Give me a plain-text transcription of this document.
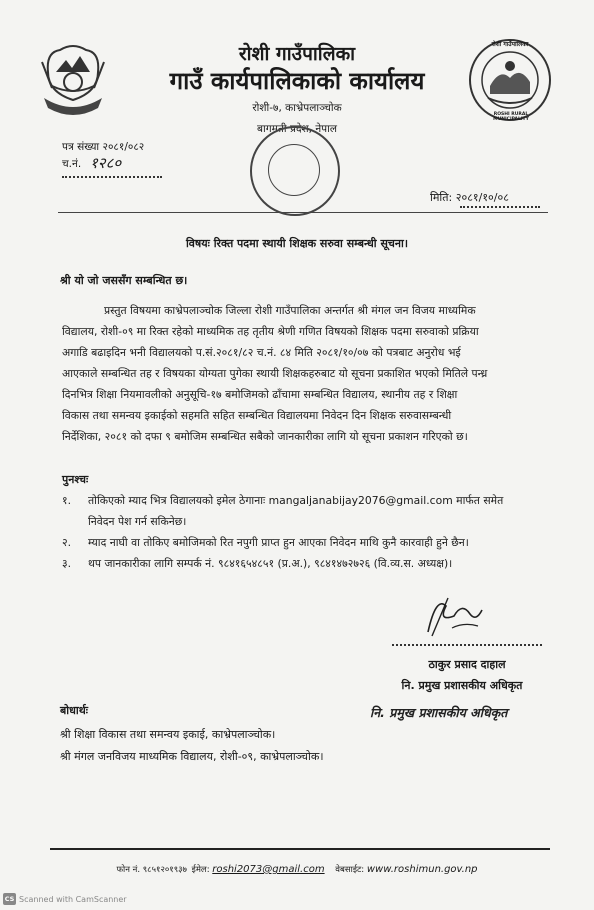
रोशी गाउँपालिका
गाउँ कार्यपालिकाको कार्यालय
रोशी-७, काभ्रेपलाञ्चोक
बागमती प्रदेश, नेपाल
ROSHI RURAL MUNICIPALITY
रोशी गाउँपालिका
पत्र संख्या २०८१/०८२
च.नं. १२८०
मिति: २०८१/१०/०८
विषयः रिक्त पदमा स्थायी शिक्षक सरुवा सम्बन्धी सूचना।
श्री यो जो जससँग सम्बन्धित छ।
प्रस्तुत विषयमा काभ्रेपलाञ्चोक जिल्ला रोशी गाउँपालिका अन्तर्गत श्री मंगल जन विजय माध्यमिक
विद्यालय, रोशी-०९ मा रिक्त रहेको माध्यमिक तह तृतीय श्रेणी गणित विषयको शिक्षक पदमा सरुवाको प्रक्रिया
अगाडि बढाइदिन भनी विद्यालयको प.सं.२०८१/८२ च.नं. ८४ मिति २०८१/१०/०७ को पत्रबाट अनुरोध भई
आएकाले सम्बन्धित तह र विषयका योग्यता पुगेका स्थायी शिक्षकहरुबाट यो सूचना प्रकाशित भएको मितिले पन्ध्र
दिनभित्र शिक्षा नियमावलीको अनुसूचि-१७ बमोजिमको ढाँचामा सम्बन्धित विद्यालय, स्थानीय तह र शिक्षा
विकास तथा समन्वय इकाईको सहमति सहित सम्बन्धित विद्यालयमा निवेदन दिन शिक्षक सरुवासम्बन्धी
निर्देशिका, २०८१ को दफा ९ बमोजिम सम्बन्धित सबैको जानकारीका लागि यो सूचना प्रकाशन गरिएको छ।
पुनश्चः
१.	तोकिएको म्याद भित्र विद्यालयको इमेल ठेगानाः mangaljanabijay2076@gmail.com मार्फत समेत
निवेदन पेश गर्न सकिनेछ।
२.	म्याद नाघी वा तोकिए बमोजिमको रित नपुगी प्राप्त हुन आएका निवेदन माथि कुनै कारवाही हुने छैन।
३.	थप जानकारीका लागि सम्पर्क नं. ९८४१६५४८५१ (प्र.अ.), ९८४१४७२७२६ (वि.व्य.स. अध्यक्ष)।
ठाकुर प्रसाद दाहाल
नि. प्रमुख प्रशासकीय अधिकृत
नि. प्रमुख प्रशासकीय अधिकृत
बोधार्थः
श्री शिक्षा विकास तथा समन्वय इकाई, काभ्रेपलाञ्चोक।
श्री मंगल जनविजय माध्यमिक विद्यालय, रोशी-०९, काभ्रेपलाञ्चोक।
फोन नं. ९८५१२०१९३७ ईमेल: roshi2073@gmail.com वेबसाईट: www.roshimun.gov.np
CS Scanned with CamScanner
